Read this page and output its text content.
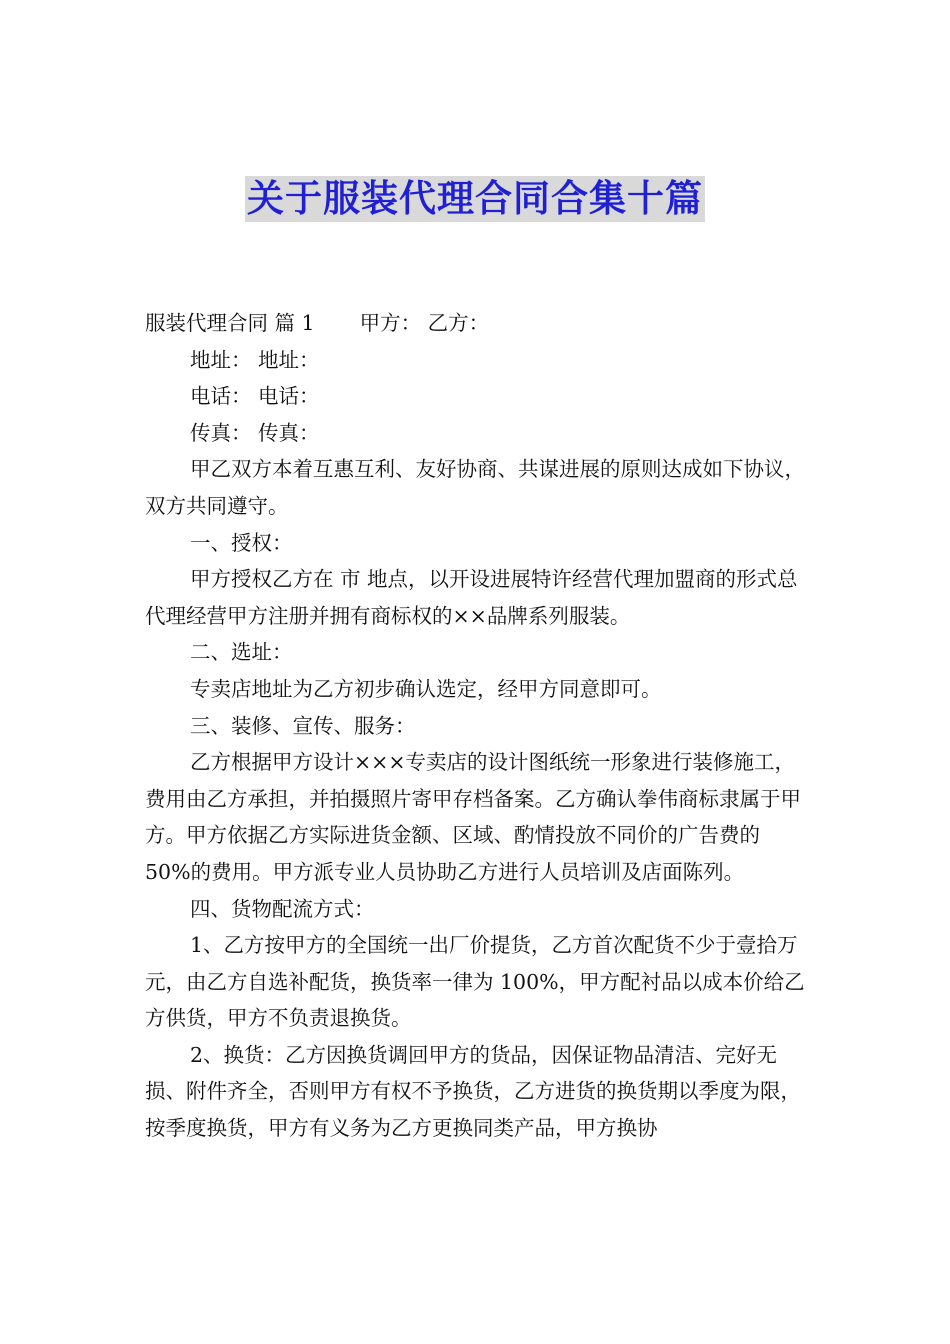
关于服装代理合同合集十篇

服装代理合同 篇 1 甲方： 乙方：

地址： 地址：

电话： 电话：

传真： 传真：

甲乙双方本着互惠互利、友好协商、共谋进展的原则达成如下协议，双方共同遵守。

一、授权：

甲方授权乙方在 市 地点，以开设进展特许经营代理加盟商的形式总代理经营甲方注册并拥有商标权的××品牌系列服装。

二、选址：

专卖店地址为乙方初步确认选定，经甲方同意即可。

三、装修、宣传、服务：

乙方根据甲方设计×××专卖店的设计图纸统一形象进行装修施工，费用由乙方承担，并拍摄照片寄甲存档备案。乙方确认拳伟商标隶属于甲方。甲方依据乙方实际进货金额、区域、酌情投放不同价的广告费的 50%的费用。甲方派专业人员协助乙方进行人员培训及店面陈列。

四、货物配流方式：

1、乙方按甲方的全国统一出厂价提货，乙方首次配货不少于壹拾万元，由乙方自选补配货，换货率一律为 100%，甲方配衬品以成本价给乙方供货，甲方不负责退换货。

2、换货：乙方因换货调回甲方的货品，因保证物品清洁、完好无损、附件齐全，否则甲方有权不予换货，乙方进货的换货期以季度为限，按季度换货，甲方有义务为乙方更换同类产品，甲方换协
